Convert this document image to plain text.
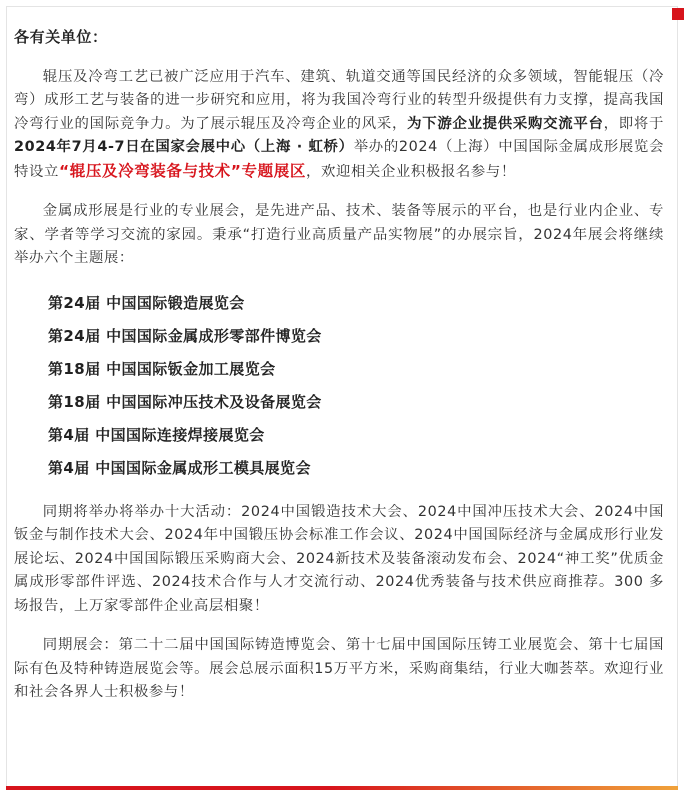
各有关单位：

辊压及冷弯工艺已被广泛应用于汽车、建筑、轨道交通等国民经济的众多领域，智能辊压（冷弯）成形工艺与装备的进一步研究和应用，将为我国冷弯行业的转型升级提供有力支撑，提高我国冷弯行业的国际竞争力。为了展示辊压及冷弯企业的风采，为下游企业提供采购交流平台，即将于2024年7月4-7日在国家会展中心（上海 · 虹桥）举办的2024（上海）中国国际金属成形展览会特设立“辊压及冷弯装备与技术”专题展区，欢迎相关企业积极报名参与！

金属成形展是行业的专业展会，是先进产品、技术、装备等展示的平台，也是行业内企业、专家、学者等学习交流的家园。秉承“打造行业高质量产品实物展”的办展宗旨，2024年展会将继续举办六个主题展：

第24届 中国国际锻造展览会
第24届 中国国际金属成形零部件博览会
第18届 中国国际钣金加工展览会
第18届 中国国际冲压技术及设备展览会
第4届 中国国际连接焊接展览会
第4届 中国国际金属成形工模具展览会

同期将举办将举办十大活动：2024中国锻造技术大会、2024中国冲压技术大会、2024中国钣金与制作技术大会、2024年中国锻压协会标准工作会议、2024中国国际经济与金属成形行业发展论坛、2024中国国际锻压采购商大会、2024新技术及装备滚动发布会、2024“神工奖”优质金属成形零部件评选、2024技术合作与人才交流行动、2024优秀装备与技术供应商推荐。300 多场报告，上万家零部件企业高层相聚！

同期展会：第二十二届中国国际铸造博览会、第十七届中国国际压铸工业展览会、第十七届国际有色及特种铸造展览会等。展会总展示面积15万平方米，采购商集结，行业大咖荟萃。欢迎行业和社会各界人士积极参与！
